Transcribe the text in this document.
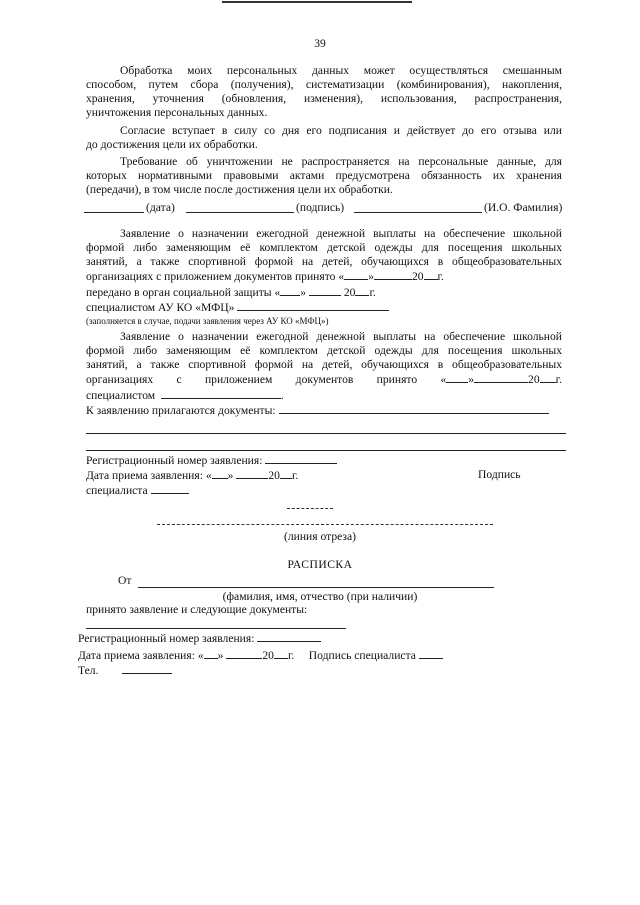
39
Обработка моих персональных данных может осуществляться смешанным
способом, путем сбора (получения), систематизации (комбинирования), накопления,
хранения, уточнения (обновления, изменения), использования, распространения,
уничтожения персональных данных.
Согласие вступает в силу со дня его подписания и действует до его отзыва или
до достижения цели их обработки.
Требование об уничтожении не распространяется на персональные данные, для
которых нормативными правовыми актами предусмотрена обязанность их хранения
(передачи), в том числе после достижения цели их обработки.
(дата)	(подпись)	(И.О. Фамилия)
Заявление о назначении ежегодной денежной выплаты на обеспечение школьной
формой либо заменяющим её комплектом детской одежды для посещения школьных
занятий, а также спортивной формой на детей, обучающихся в общеобразовательных
организациях с приложением документов принято « »	20 г.
передано в орган социальной защиты « »	20 г.
специалистом АУ КО «МФЦ»
(заполняется в случае, подачи заявления через АУ КО «МФЦ»)
Заявление о назначении ежегодной денежной выплаты на обеспечение школьной
формой либо заменяющим её комплектом детской одежды для посещения школьных
занятий, а также спортивной формой на детей, обучающихся в общеобразовательных
организациях с приложением документов принято « »	20 г.
специалистом	.
К заявлению прилагаются документы:
Регистрационный номер заявления:
Дата приема заявления: « »	20 г.	Подпись
специалиста
(линия отреза)
РАСПИСКА
От
(фамилия, имя, отчество (при наличии)
принято заявление и следующие документы:
Регистрационный номер заявления:
Дата приема заявления: « »	20 г. Подпись специалиста
Тел.
